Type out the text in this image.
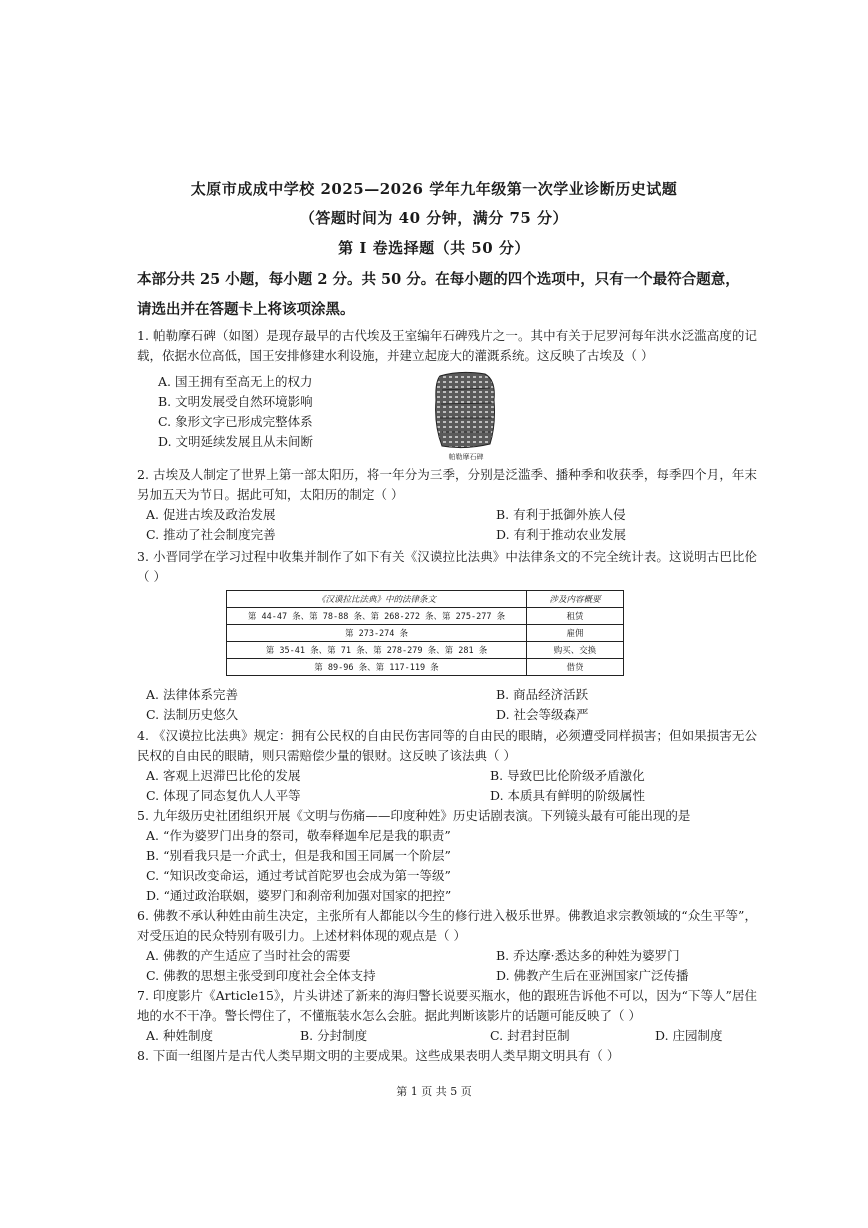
太原市成成中学校 2025—2026 学年九年级第一次学业诊断历史试题
（答题时间为 40 分钟，满分 75 分）
第 I 卷选择题（共 50 分）
本部分共 25 小题，每小题 2 分。共 50 分。在每小题的四个选项中，只有一个最符合题意，
请选出并在答题卡上将该项涂黑。
1. 帕勒摩石碑（如图）是现存最早的古代埃及王室编年石碑残片之一。其中有关于尼罗河每年洪水泛滥高度的记载，依据水位高低，国王安排修建水利设施，并建立起庞大的灌溉系统。这反映了古埃及（ ）
A. 国王拥有至高无上的权力
B. 文明发展受自然环境影响
C. 象形文字已形成完整体系
D. 文明延续发展且从未间断
帕勒摩石碑
2. 古埃及人制定了世界上第一部太阳历，将一年分为三季，分别是泛滥季、播种季和收获季，每季四个月，年末另加五天为节日。据此可知，太阳历的制定（ ）
A. 促进古埃及政治发展	B. 有利于抵御外族人侵
C. 推动了社会制度完善	D. 有利于推动农业发展
3. 小晋同学在学习过程中收集并制作了如下有关《汉谟拉比法典》中法律条文的不完全统计表。这说明古巴比伦（ ）
《汉谟拉比法典》中的法律条文	涉及内容概要
第 44-47 条、第 78-88 条、第 268-272 条、第 275-277 条	租赁
第 273-274 条	雇佣
第 35-41 条、第 71 条、第 278-279 条、第 281 条	购买、交换
第 89-96 条、第 117-119 条	借贷
A. 法律体系完善	B. 商品经济活跃
C. 法制历史悠久	D. 社会等级森严
4. 《汉谟拉比法典》规定：拥有公民权的自由民伤害同等的自由民的眼睛，必须遭受同样损害；但如果损害无公民权的自由民的眼睛，则只需赔偿少量的银财。这反映了该法典（ ）
A. 客观上迟滞巴比伦的发展	B. 导致巴比伦阶级矛盾激化
C. 体现了同态复仇人人平等	D. 本质具有鲜明的阶级属性
5. 九年级历史社团组织开展《文明与伤痛——印度种姓》历史话剧表演。下列镜头最有可能出现的是
A. “作为婆罗门出身的祭司，敬奉释迦牟尼是我的职责”
B. “别看我只是一介武士，但是我和国王同属一个阶层”
C. “知识改变命运，通过考试首陀罗也会成为第一等级”
D. “通过政治联姻，婆罗门和刹帝利加强对国家的把控”
6. 佛教不承认种姓由前生决定，主张所有人都能以今生的修行进入极乐世界。佛教追求宗教领域的“众生平等”，对受压迫的民众特别有吸引力。上述材料体现的观点是（ ）
A. 佛教的产生适应了当时社会的需要	B. 乔达摩·悉达多的种姓为婆罗门
C. 佛教的思想主张受到印度社会全体支持	D. 佛教产生后在亚洲国家广泛传播
7. 印度影片《Article15》，片头讲述了新来的海归警长说要买瓶水，他的跟班告诉他不可以，因为“下等人”居住地的水不干净。警长愕住了，不懂瓶装水怎么会脏。据此判断该影片的话题可能反映了（ ）
A. 种姓制度	B. 分封制度	C. 封君封臣制	D. 庄园制度
8. 下面一组图片是古代人类早期文明的主要成果。这些成果表明人类早期文明具有（ ）
第 1 页 共 5 页
